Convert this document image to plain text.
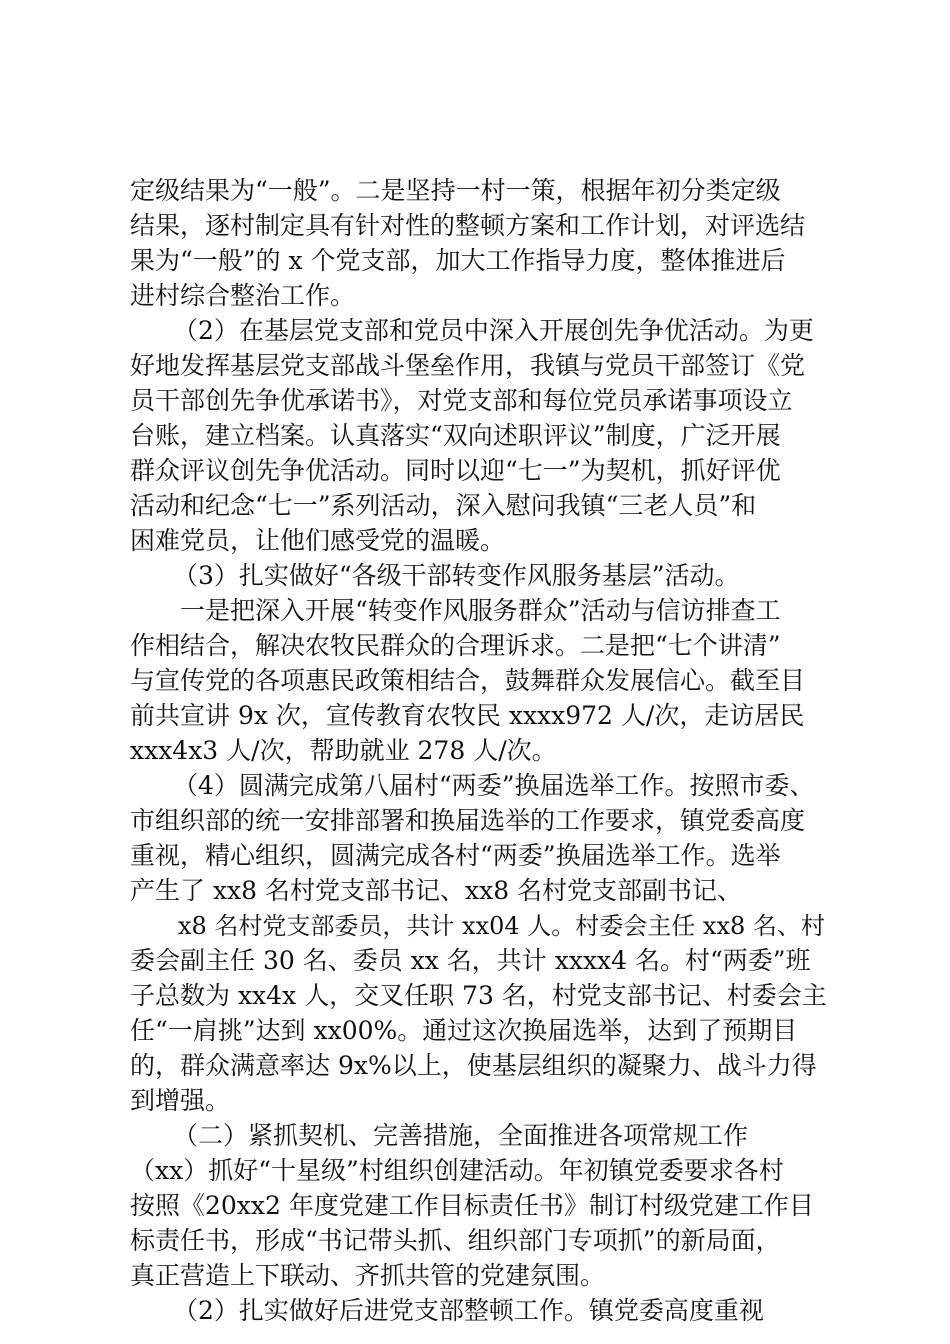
定级结果为“一般”。二是坚持一村一策，根据年初分类定级
结果，逐村制定具有针对性的整顿方案和工作计划，对评选结
果为“一般”的 x 个党支部，加大工作指导力度，整体推进后
进村综合整治工作。
（2）在基层党支部和党员中深入开展创先争优活动。为更
好地发挥基层党支部战斗堡垒作用，我镇与党员干部签订《党
员干部创先争优承诺书》，对党支部和每位党员承诺事项设立
台账，建立档案。认真落实“双向述职评议”制度，广泛开展
群众评议创先争优活动。同时以迎“七一”为契机，抓好评优
活动和纪念“七一”系列活动，深入慰问我镇“三老人员”和
困难党员，让他们感受党的温暖。
（3）扎实做好“各级干部转变作风服务基层”活动。
一是把深入开展“转变作风服务群众”活动与信访排查工
作相结合，解决农牧民群众的合理诉求。二是把“七个讲清”
与宣传党的各项惠民政策相结合，鼓舞群众发展信心。截至目
前共宣讲 9x 次，宣传教育农牧民 xxxx972 人/次，走访居民
xxx4x3 人/次，帮助就业 278 人/次。
（4）圆满完成第八届村“两委”换届选举工作。按照市委、
市组织部的统一安排部署和换届选举的工作要求，镇党委高度
重视，精心组织，圆满完成各村“两委”换届选举工作。选举
产生了 xx8 名村党支部书记、xx8 名村党支部副书记、
x8 名村党支部委员，共计 xx04 人。村委会主任 xx8 名、村
委会副主任 30 名、委员 xx 名，共计 xxxx4 名。村“两委”班
子总数为 xx4x 人，交叉任职 73 名，村党支部书记、村委会主
任“一肩挑”达到 xx00%。通过这次换届选举，达到了预期目
的，群众满意率达 9x%以上，使基层组织的凝聚力、战斗力得
到增强。
（二）紧抓契机、完善措施，全面推进各项常规工作
（xx）抓好“十星级”村组织创建活动。年初镇党委要求各村
按照《20xx2 年度党建工作目标责任书》制订村级党建工作目
标责任书，形成“书记带头抓、组织部门专项抓”的新局面，
真正营造上下联动、齐抓共管的党建氛围。
（2）扎实做好后进党支部整顿工作。镇党委高度重视
